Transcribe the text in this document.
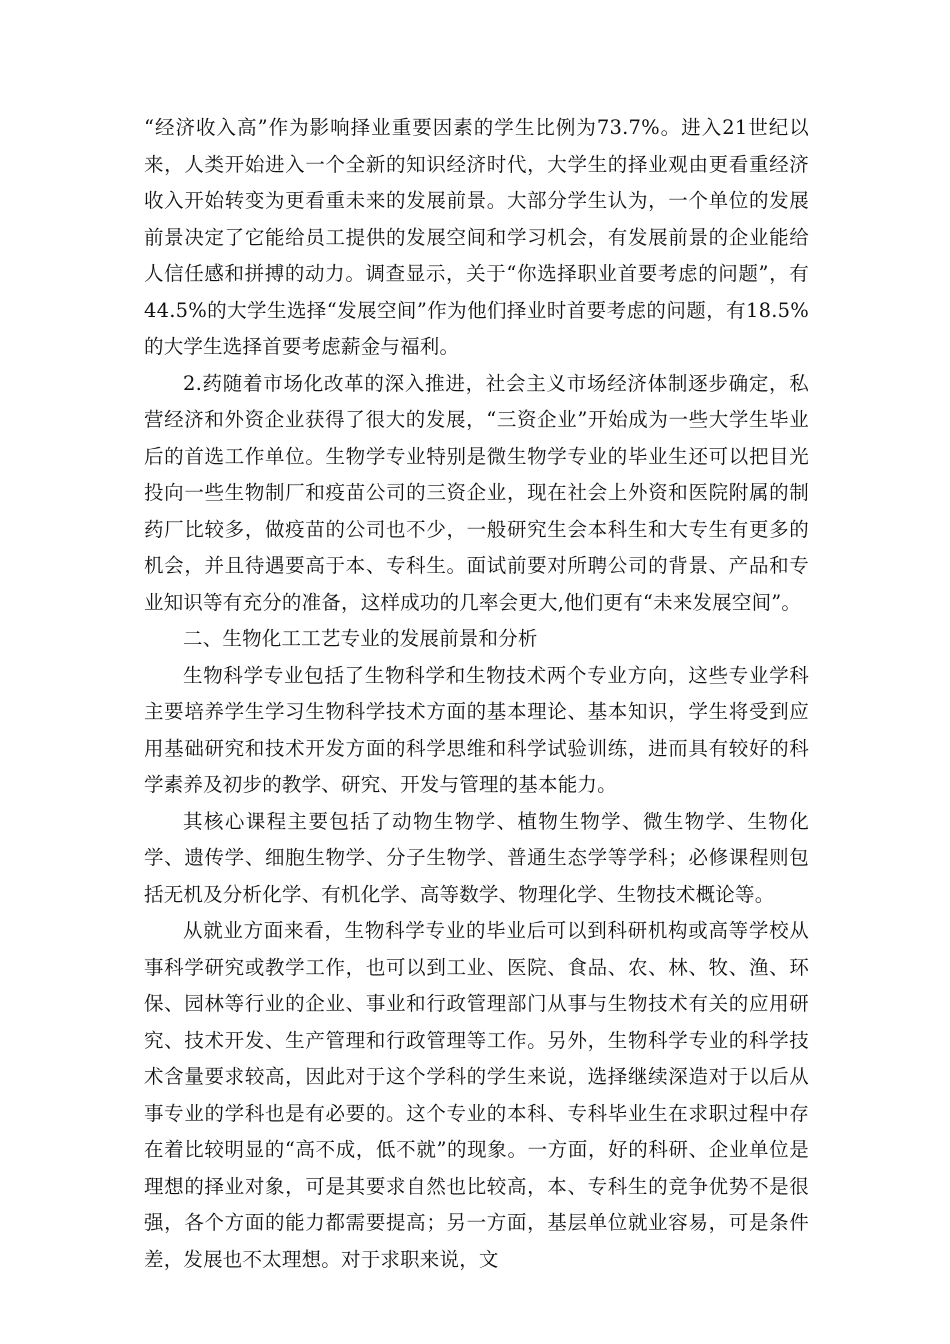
“经济收入高”作为影响择业重要因素的学生比例为73.7%。进入21世纪以来，人类开始进入一个全新的知识经济时代，大学生的择业观由更看重经济收入开始转变为更看重未来的发展前景。大部分学生认为，一个单位的发展前景决定了它能给员工提供的发展空间和学习机会，有发展前景的企业能给人信任感和拼搏的动力。调查显示，关于“你选择职业首要考虑的问题”，有44.5%的大学生选择“发展空间”作为他们择业时首要考虑的问题，有18.5%的大学生选择首要考虑薪金与福利。

2.药随着市场化改革的深入推进，社会主义市场经济体制逐步确定，私营经济和外资企业获得了很大的发展，“三资企业”开始成为一些大学生毕业后的首选工作单位。生物学专业特别是微生物学专业的毕业生还可以把目光投向一些生物制厂和疫苗公司的三资企业，现在社会上外资和医院附属的制药厂比较多，做疫苗的公司也不少，一般研究生会本科生和大专生有更多的机会，并且待遇要高于本、专科生。面试前要对所聘公司的背景、产品和专业知识等有充分的准备，这样成功的几率会更大,他们更有“未来发展空间”。

二、生物化工工艺专业的发展前景和分析

生物科学专业包括了生物科学和生物技术两个专业方向，这些专业学科主要培养学生学习生物科学技术方面的基本理论、基本知识，学生将受到应用基础研究和技术开发方面的科学思维和科学试验训练，进而具有较好的科学素养及初步的教学、研究、开发与管理的基本能力。

其核心课程主要包括了动物生物学、植物生物学、微生物学、生物化学、遗传学、细胞生物学、分子生物学、普通生态学等学科；必修课程则包括无机及分析化学、有机化学、高等数学、物理化学、生物技术概论等。

从就业方面来看，生物科学专业的毕业后可以到科研机构或高等学校从事科学研究或教学工作，也可以到工业、医院、食品、农、林、牧、渔、环保、园林等行业的企业、事业和行政管理部门从事与生物技术有关的应用研究、技术开发、生产管理和行政管理等工作。另外，生物科学专业的科学技术含量要求较高，因此对于这个学科的学生来说，选择继续深造对于以后从事专业的学科也是有必要的。这个专业的本科、专科毕业生在求职过程中存在着比较明显的“高不成，低不就”的现象。一方面，好的科研、企业单位是理想的择业对象，可是其要求自然也比较高，本、专科生的竞争优势不是很强，各个方面的能力都需要提高；另一方面，基层单位就业容易，可是条件差，发展也不太理想。对于求职来说，文
